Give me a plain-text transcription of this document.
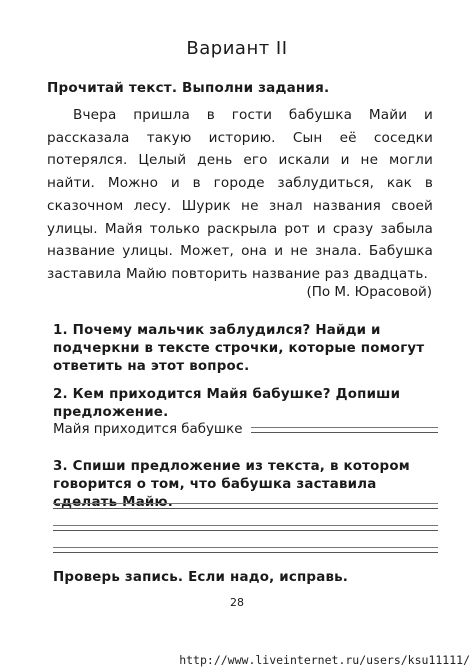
Вариант II
Прочитай текст. Выполни задания.

Вчера пришла в гости бабушка Майи и рассказала такую историю. Сын её соседки потерялся. Целый день его искали и не могли найти. Можно и в городе заблудиться, как в сказочном лесу. Шурик не знал названия своей улицы. Майя только раскрыла рот и сразу забыла название улицы. Может, она и не знала. Бабушка заставила Майю повторить название раз двадцать.

(По М. Юрасовой)
1. Почему мальчик заблудился? Найди и подчеркни в тексте строчки, которые помогут ответить на этот вопрос.
2. Кем приходится Майя бабушке? Допиши предложение.
Майя приходится бабушке
3. Спиши предложение из текста, в котором говорится о том, что бабушка заставила сделать Майю.
Проверь запись. Если надо, исправь.
28
http://www.liveinternet.ru/users/ksu11111/
